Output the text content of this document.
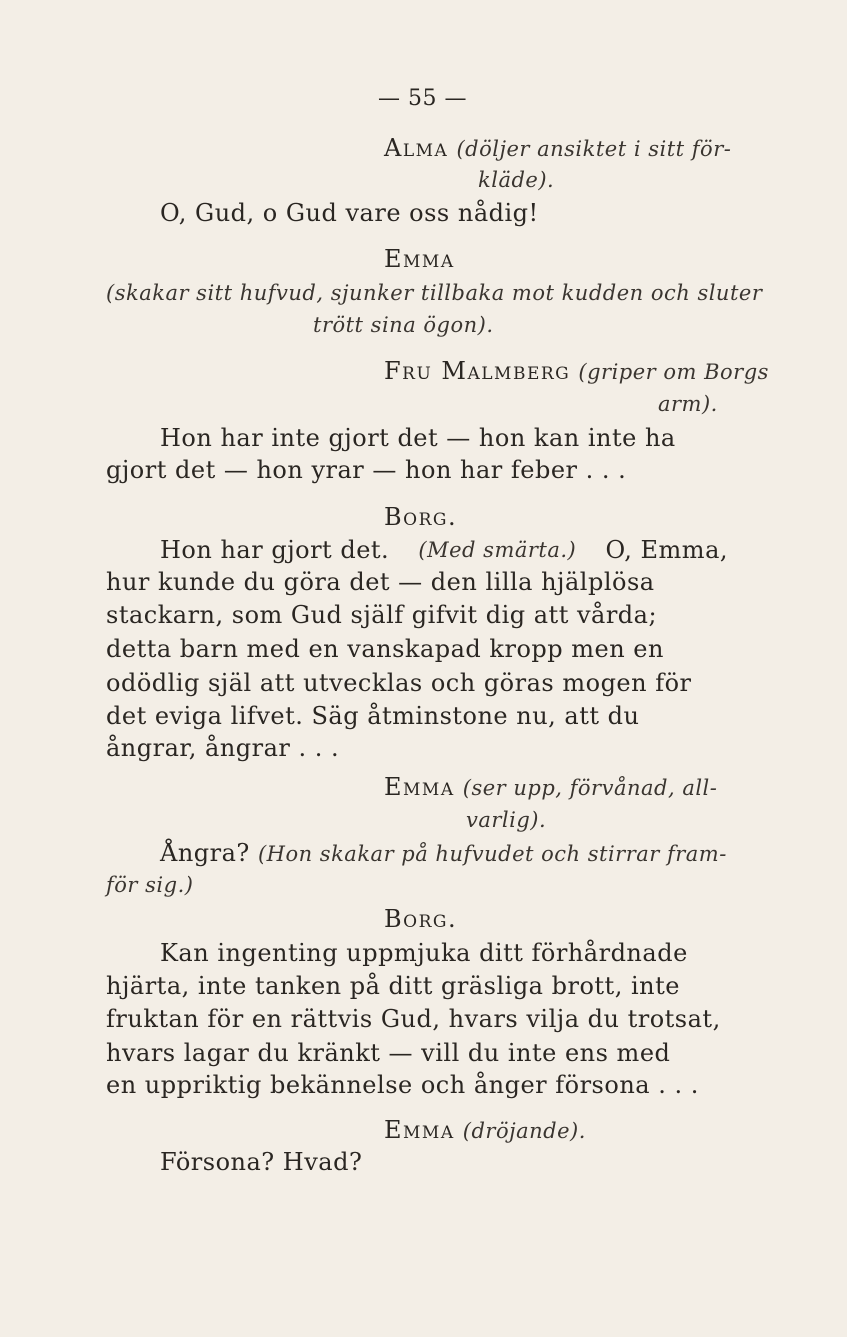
— 55 —
Alma (döljer ansiktet i sitt för-
kläde).
O, Gud, o Gud vare oss nådig!
Emma
(skakar sitt hufvud, sjunker tillbaka mot kudden och sluter
trött sina ögon).
Fru Malmberg (griper om Borgs
arm).
Hon har inte gjort det — hon kan inte ha
gjort det — hon yrar — hon har feber . . .
Borg.
Hon har gjort det. (Med smärta.) O, Emma,
hur kunde du göra det — den lilla hjälplösa
stackarn, som Gud själf gifvit dig att vårda;
detta barn med en vanskapad kropp men en
odödlig själ att utvecklas och göras mogen för
det eviga lifvet. Säg åtminstone nu, att du
ångrar, ångrar . . .
Emma (ser upp, förvånad, all-
varlig).
Ångra? (Hon skakar på hufvudet och stirrar fram-
för sig.)
Borg.
Kan ingenting uppmjuka ditt förhårdnade
hjärta, inte tanken på ditt gräsliga brott, inte
fruktan för en rättvis Gud, hvars vilja du trotsat,
hvars lagar du kränkt — vill du inte ens med
en uppriktig bekännelse och ånger försona . . .
Emma (dröjande).
Försona? Hvad?
